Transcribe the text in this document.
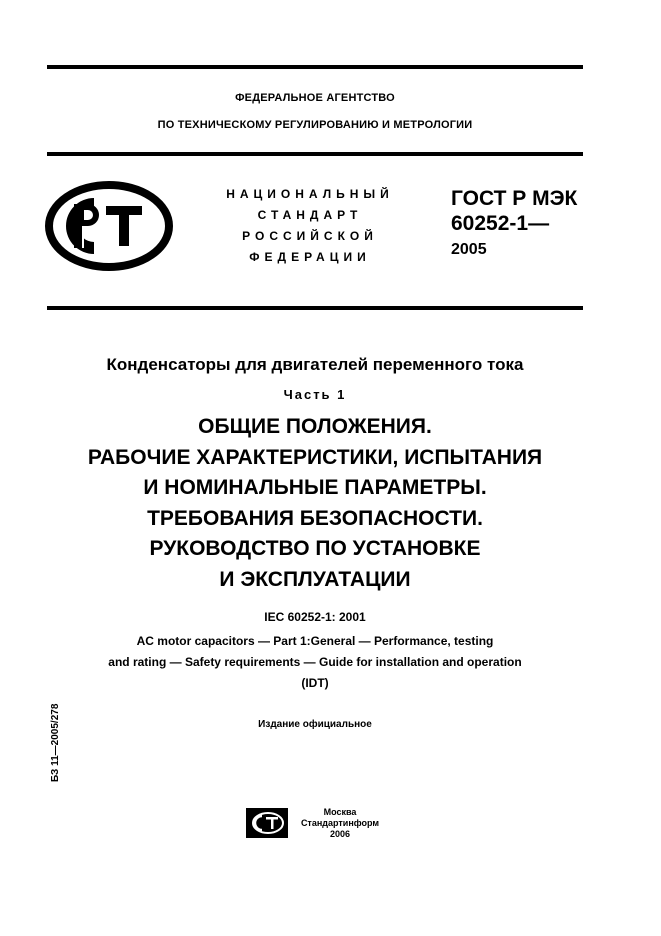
ФЕДЕРАЛЬНОЕ АГЕНТСТВО
ПО ТЕХНИЧЕСКОМУ РЕГУЛИРОВАНИЮ И МЕТРОЛОГИИ
НАЦИОНАЛЬНЫЙ
СТАНДАРТ
РОССИЙСКОЙ
ФЕДЕРАЦИИ
ГОСТ Р МЭК
60252-1—
2005
Конденсаторы для двигателей переменного тока
Часть 1
ОБЩИЕ ПОЛОЖЕНИЯ.
РАБОЧИЕ ХАРАКТЕРИСТИКИ, ИСПЫТАНИЯ
И НОМИНАЛЬНЫЕ ПАРАМЕТРЫ.
ТРЕБОВАНИЯ БЕЗОПАСНОСТИ.
РУКОВОДСТВО ПО УСТАНОВКЕ
И ЭКСПЛУАТАЦИИ
IEC 60252-1: 2001
AC motor capacitors — Part 1:General — Performance, testing
and rating — Safety requirements — Guide for installation and operation
(IDT)
Издание официальное
БЗ 11—2005/278
Москва
Стандартинформ
2006
